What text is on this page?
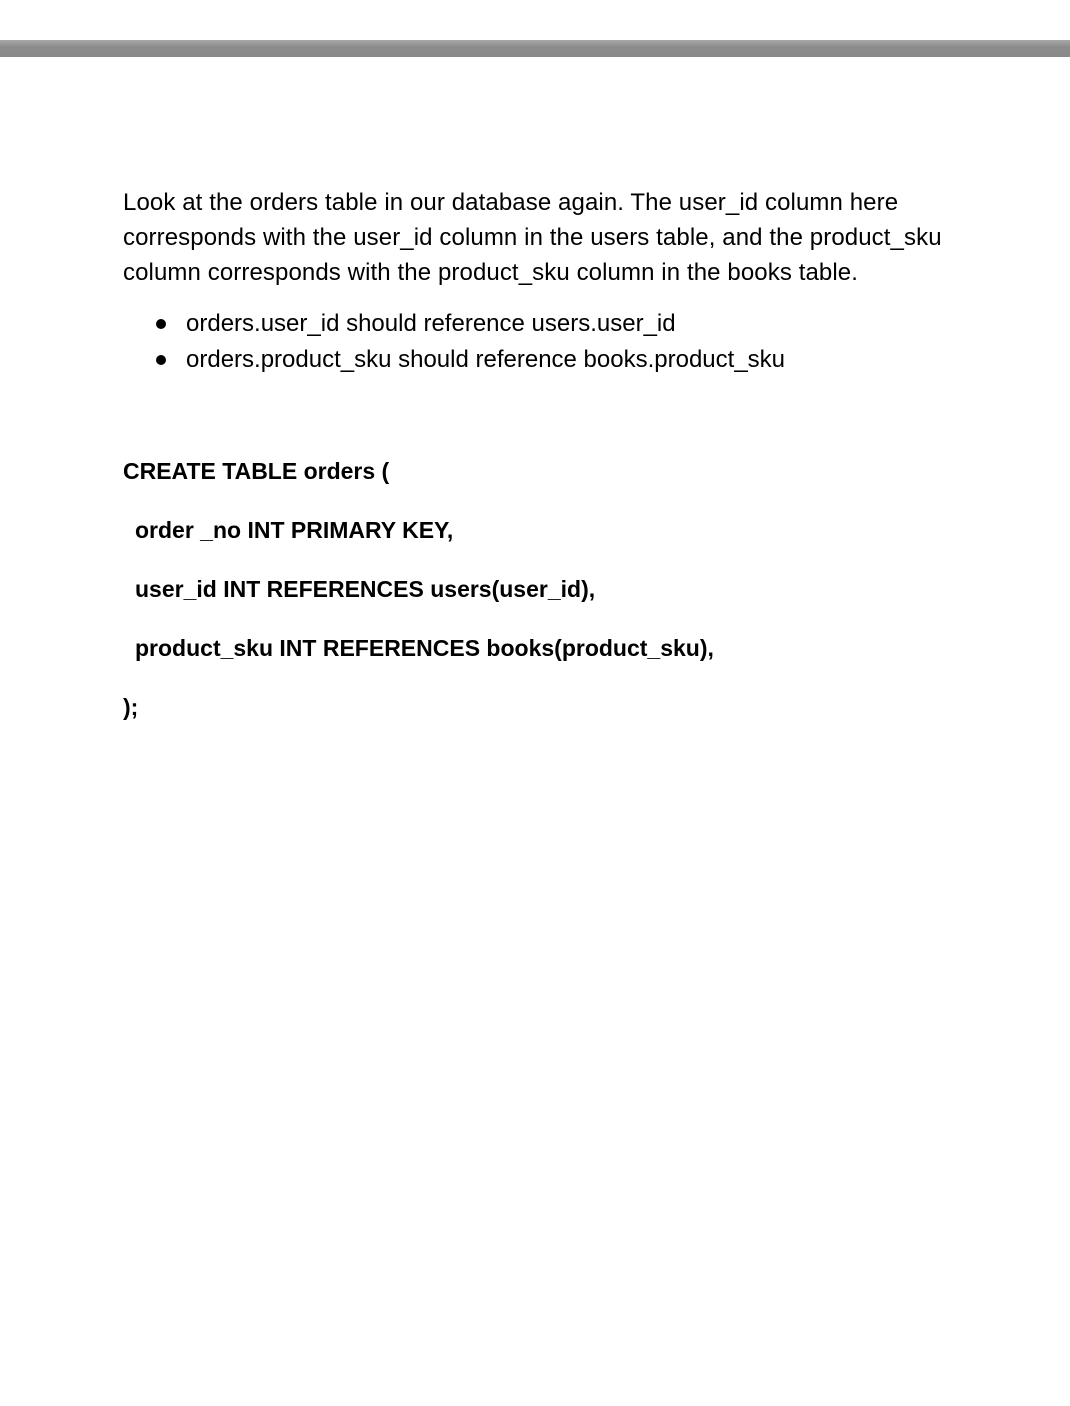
Look at the orders table in our database again. The user_id column here corresponds with the user_id column in the users table, and the product_sku column corresponds with the product_sku column in the books table.

orders.user_id should reference users.user_id
orders.product_sku should reference books.product_sku
CREATE TABLE orders (
order _no INT PRIMARY KEY,
user_id INT REFERENCES users(user_id),
product_sku INT REFERENCES books(product_sku),
);
